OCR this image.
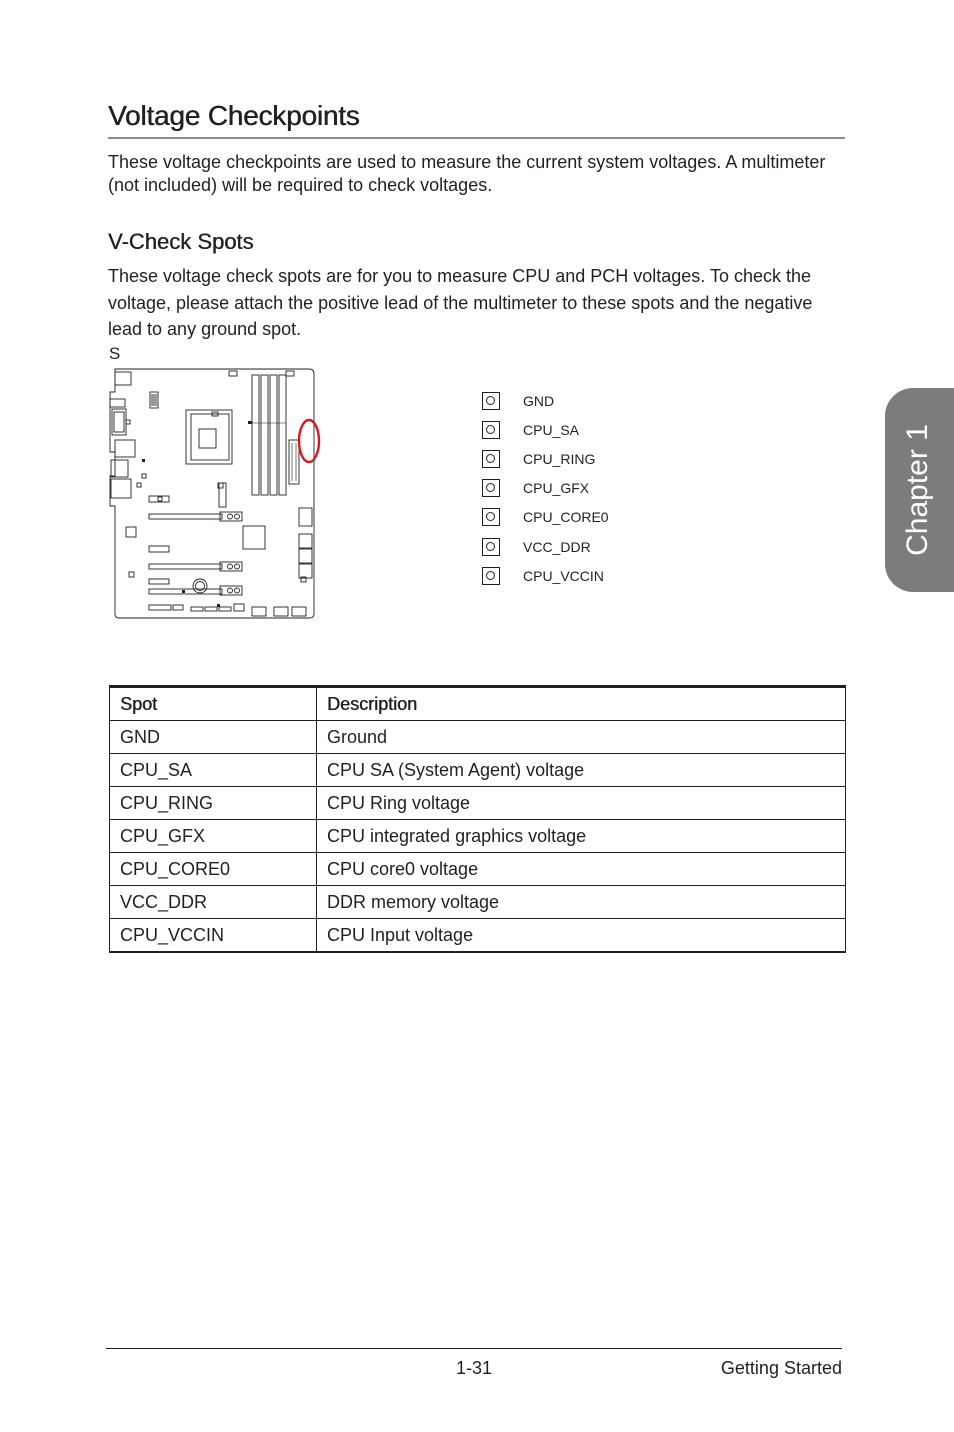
Voltage Checkpoints

These voltage checkpoints are used to measure the current system voltages. A multimeter (not included) will be required to check voltages.

V-Check Spots

These voltage check spots are for you to measure CPU and PCH voltages. To check the voltage, please attach the positive lead of the multimeter to these spots and the negative lead to any ground spot.

S
GND
CPU_SA
CPU_RING
CPU_GFX
CPU_CORE0
VCC_DDR
CPU_VCCIN
Spot	Description
GND	Ground
CPU_SA	CPU SA (System Agent) voltage
CPU_RING	CPU Ring voltage
CPU_GFX	CPU integrated graphics voltage
CPU_CORE0	CPU core0 voltage
VCC_DDR	DDR memory voltage
CPU_VCCIN	CPU Input voltage
Chapter 1
1-31	Getting Started
